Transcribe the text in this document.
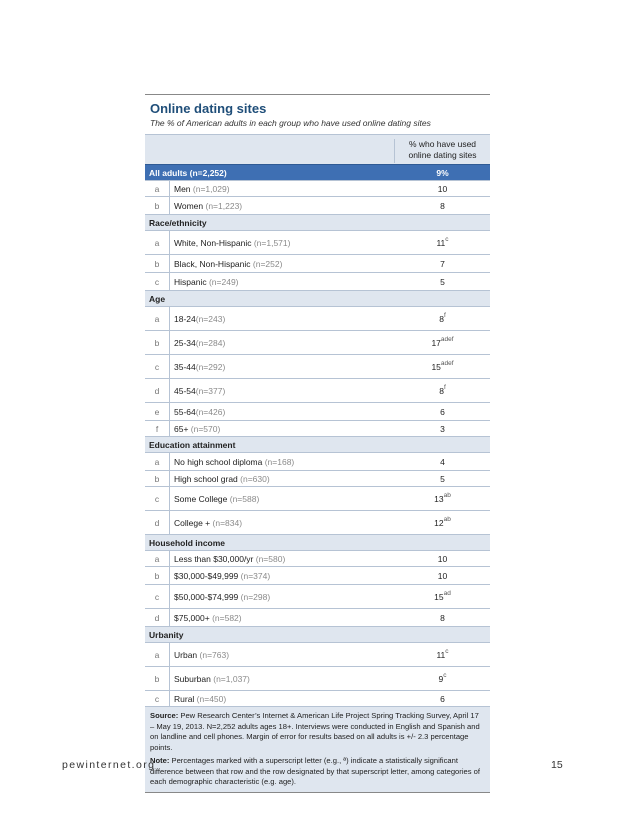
Online dating sites
The % of American adults in each group who have used online dating sites
% who have used
online dating sites
All adults (n=2,252)	9%
a	Men (n=1,029)	10
b	Women (n=1,223)	8
Race/ethnicity
a	White, Non-Hispanic (n=1,571)	11$^c$
b	Black, Non-Hispanic (n=252)	7
c	Hispanic (n=249)	5
Age
a	18-24 (n=243)	8$^f$
b	25-34 (n=284)	$17^{adef}$
c	35-44 (n=292)	$15^{adef}$
d	45-54 (n=377)	8$^f$
e	55-64 (n=426)	6
f	65+ (n=570)	3
Education attainment
a	No high school diploma (n=168)	4
b	High school grad (n=630)	5
c	Some College (n=588)	$13^{ab}$
d	College + (n=834)	$12^{ab}$
Household income
a	Less than $30,000/yr (n=580)	10
b	$30,000-$49,999 (n=374)	10
c	$50,000-$74,999 (n=298)	$15^{ad}$
d	$75,000+ (n=582)	8
Urbanity
a	Urban (n=763)	11$^c$
b	Suburban (n=1,037)	9$^c$
c	Rural (n=450)	6

Source: Pew Research Center’s Internet & American Life Project Spring Tracking Survey, April 17 – May 19, 2013. N=2,252 adults ages 18+. Interviews were conducted in English and Spanish and on landline and cell phones. Margin of error for results based on all adults is +/- 2.3 percentage points.

Note: Percentages marked with a superscript letter (e.g., ª) indicate a statistically significant difference between that row and the row designated by that superscript letter, among categories of each demographic characteristic (e.g. age).

pewinternet.org	15
